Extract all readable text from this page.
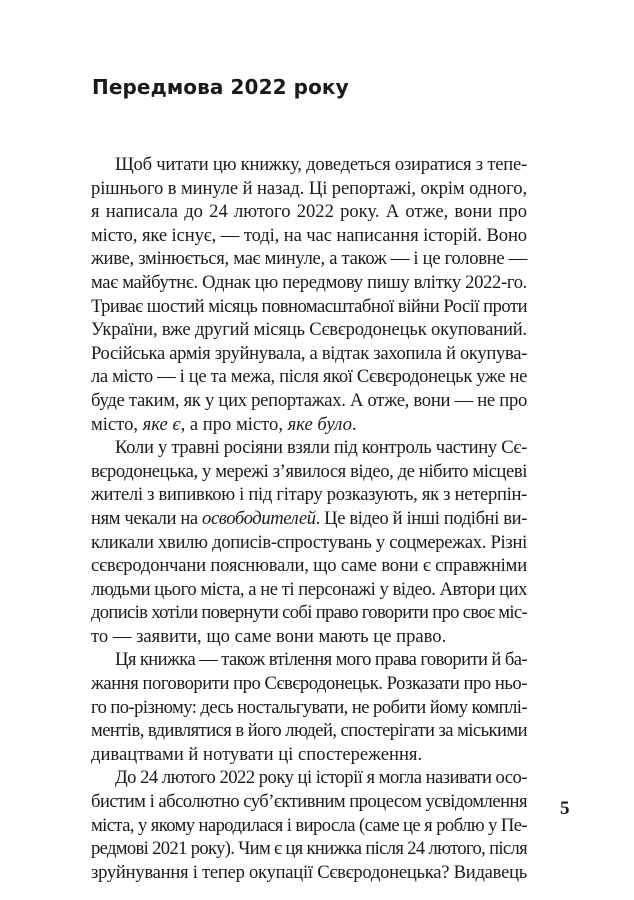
Передмова 2022 року
Щоб читати цю книжку, доведеться озиратися з тепе-
рішнього в минуле й назад. Ці репортажі, окрім одного,
я написала до 24 лютого 2022 року. А отже, вони про
місто, яке існує, — тоді, на час написання історій. Воно
живе, змінюється, має минуле, а також — і це головне —
має майбутнє. Однак цю передмову пишу влітку 2022-го.
Триває шостий місяць повномасштабної війни Росії проти
України, вже другий місяць Сєвєродонецьк окупований.
Російська армія зруйнувала, а відтак захопила й окупува-
ла місто — і це та межа, після якої Сєвєродонецьк уже не
буде таким, як у цих репортажах. А отже, вони — не про
місто, яке є, а про місто, яке було.
Коли у травні росіяни взяли під контроль частину Сє-
вєродонецька, у мережі з’явилося відео, де нібито місцеві
жителі з випивкою і під гітару розказують, як з нетерпін-
ням чекали на освободителей. Це відео й інші подібні ви-
кликали хвилю дописів-спростувань у соцмережах. Різні
сєвєродончани пояснювали, що саме вони є справжніми
людьми цього міста, а не ті персонажі у відео. Автори цих
дописів хотіли повернути собі право говорити про своє міс-
то — заявити, що саме вони мають це право.
Ця книжка — також втілення мого права говорити й ба-
жання поговорити про Сєвєродонецьк. Розказати про ньо-
го по-різному: десь ностальгувати, не робити йому комплі-
ментів, вдивлятися в його людей, спостерігати за міськими
дивацтвами й нотувати ці спостереження.
До 24 лютого 2022 року ці історії я могла називати осо-
бистим і абсолютно суб’єктивним процесом усвідомлення
міста, у якому народилася і виросла (саме це я роблю у Пе-
редмові 2021 року). Чим є ця книжка після 24 лютого, після
зруйнування і тепер окупації Сєвєродонецька? Видавець
5
